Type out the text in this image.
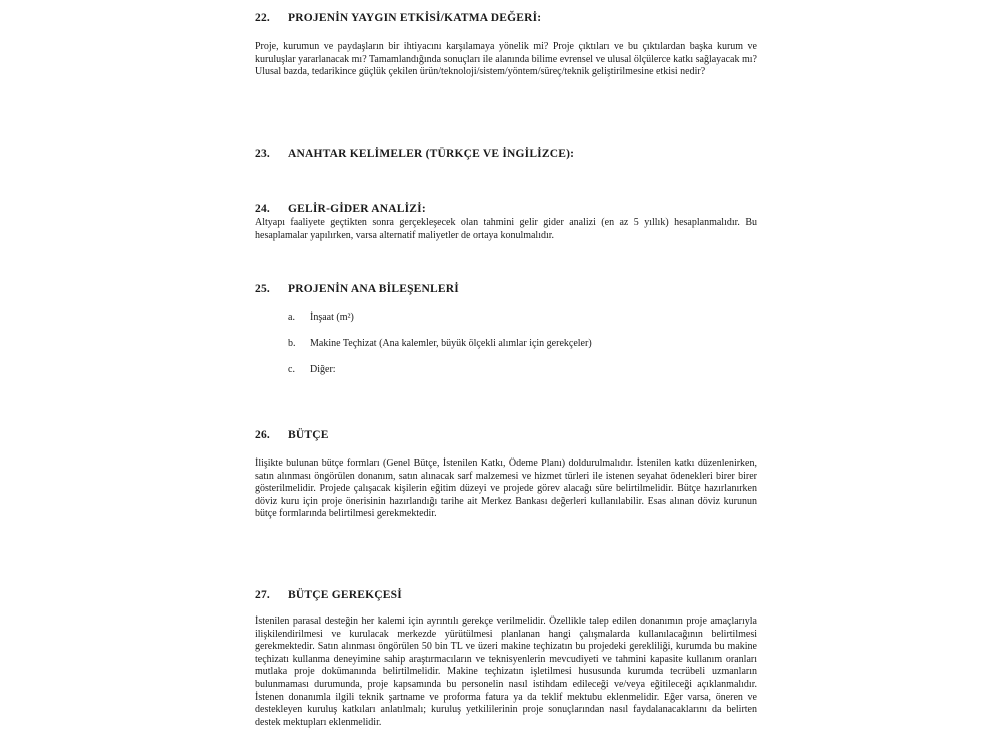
22. PROJENİN YAYGIN ETKİSİ/KATMA DEĞERİ:
Proje, kurumun ve paydaşların bir ihtiyacını karşılamaya yönelik mi? Proje çıktıları ve bu çıktılardan başka kurum ve kuruluşlar yararlanacak mı? Tamamlandığında sonuçları ile alanında bilime evrensel ve ulusal ölçülerce katkı sağlayacak mı? Ulusal bazda, tedarikince güçlük çekilen ürün/teknoloji/sistem/yöntem/süreç/teknik geliştirilmesine etkisi nedir?
23. ANAHTAR KELİMELER (TÜRKÇE VE İNGİLİZCE):
24. GELİR-GİDER ANALİZİ:
Altyapı faaliyete geçtikten sonra gerçekleşecek olan tahmini gelir gider analizi (en az 5 yıllık) hesaplanmalıdır. Bu hesaplamalar yapılırken, varsa alternatif maliyetler de ortaya konulmalıdır.
25. PROJENİN ANA BİLEŞENLERİ
a. İnşaat (m²)
b. Makine Teçhizat (Ana kalemler, büyük ölçekli alımlar için gerekçeler)
c. Diğer:
26. BÜTÇE
İlişikte bulunan bütçe formları (Genel Bütçe, İstenilen Katkı, Ödeme Planı) doldurulmalıdır. İstenilen katkı düzenlenirken, satın alınması öngörülen donanım, satın alınacak sarf malzemesi ve hizmet türleri ile istenen seyahat ödenekleri birer birer gösterilmelidir. Projede çalışacak kişilerin eğitim düzeyi ve projede görev alacağı süre belirtilmelidir. Bütçe hazırlanırken döviz kuru için proje önerisinin hazırlandığı tarihe ait Merkez Bankası değerleri kullanılabilir. Esas alınan döviz kurunun bütçe formlarında belirtilmesi gerekmektedir.
27. BÜTÇE GEREKÇESİ
İstenilen parasal desteğin her kalemi için ayrıntılı gerekçe verilmelidir. Özellikle talep edilen donanımın proje amaçlarıyla ilişkilendirilmesi ve kurulacak merkezde yürütülmesi planlanan hangi çalışmalarda kullanılacağının belirtilmesi gerekmektedir. Satın alınması öngörülen 50 bin TL ve üzeri makine teçhizatın bu projedeki gerekliliği, kurumda bu makine teçhizatı kullanma deneyimine sahip araştırmacıların ve teknisyenlerin mevcudiyeti ve tahmini kapasite kullanım oranları mutlaka proje dokümanında belirtilmelidir. Makine teçhizatın işletilmesi hususunda kurumda tecrübeli uzmanların bulunmaması durumunda, proje kapsamında bu personelin nasıl istihdam edileceği ve/veya eğitileceği açıklanmalıdır. İstenen donanımla ilgili teknik şartname ve proforma fatura ya da teklif mektubu eklenmelidir. Eğer varsa, öneren ve destekleyen kuruluş katkıları anlatılmalı; kuruluş yetkililerinin proje sonuçlarından nasıl faydalanacaklarını da belirten destek mektupları eklenmelidir.
